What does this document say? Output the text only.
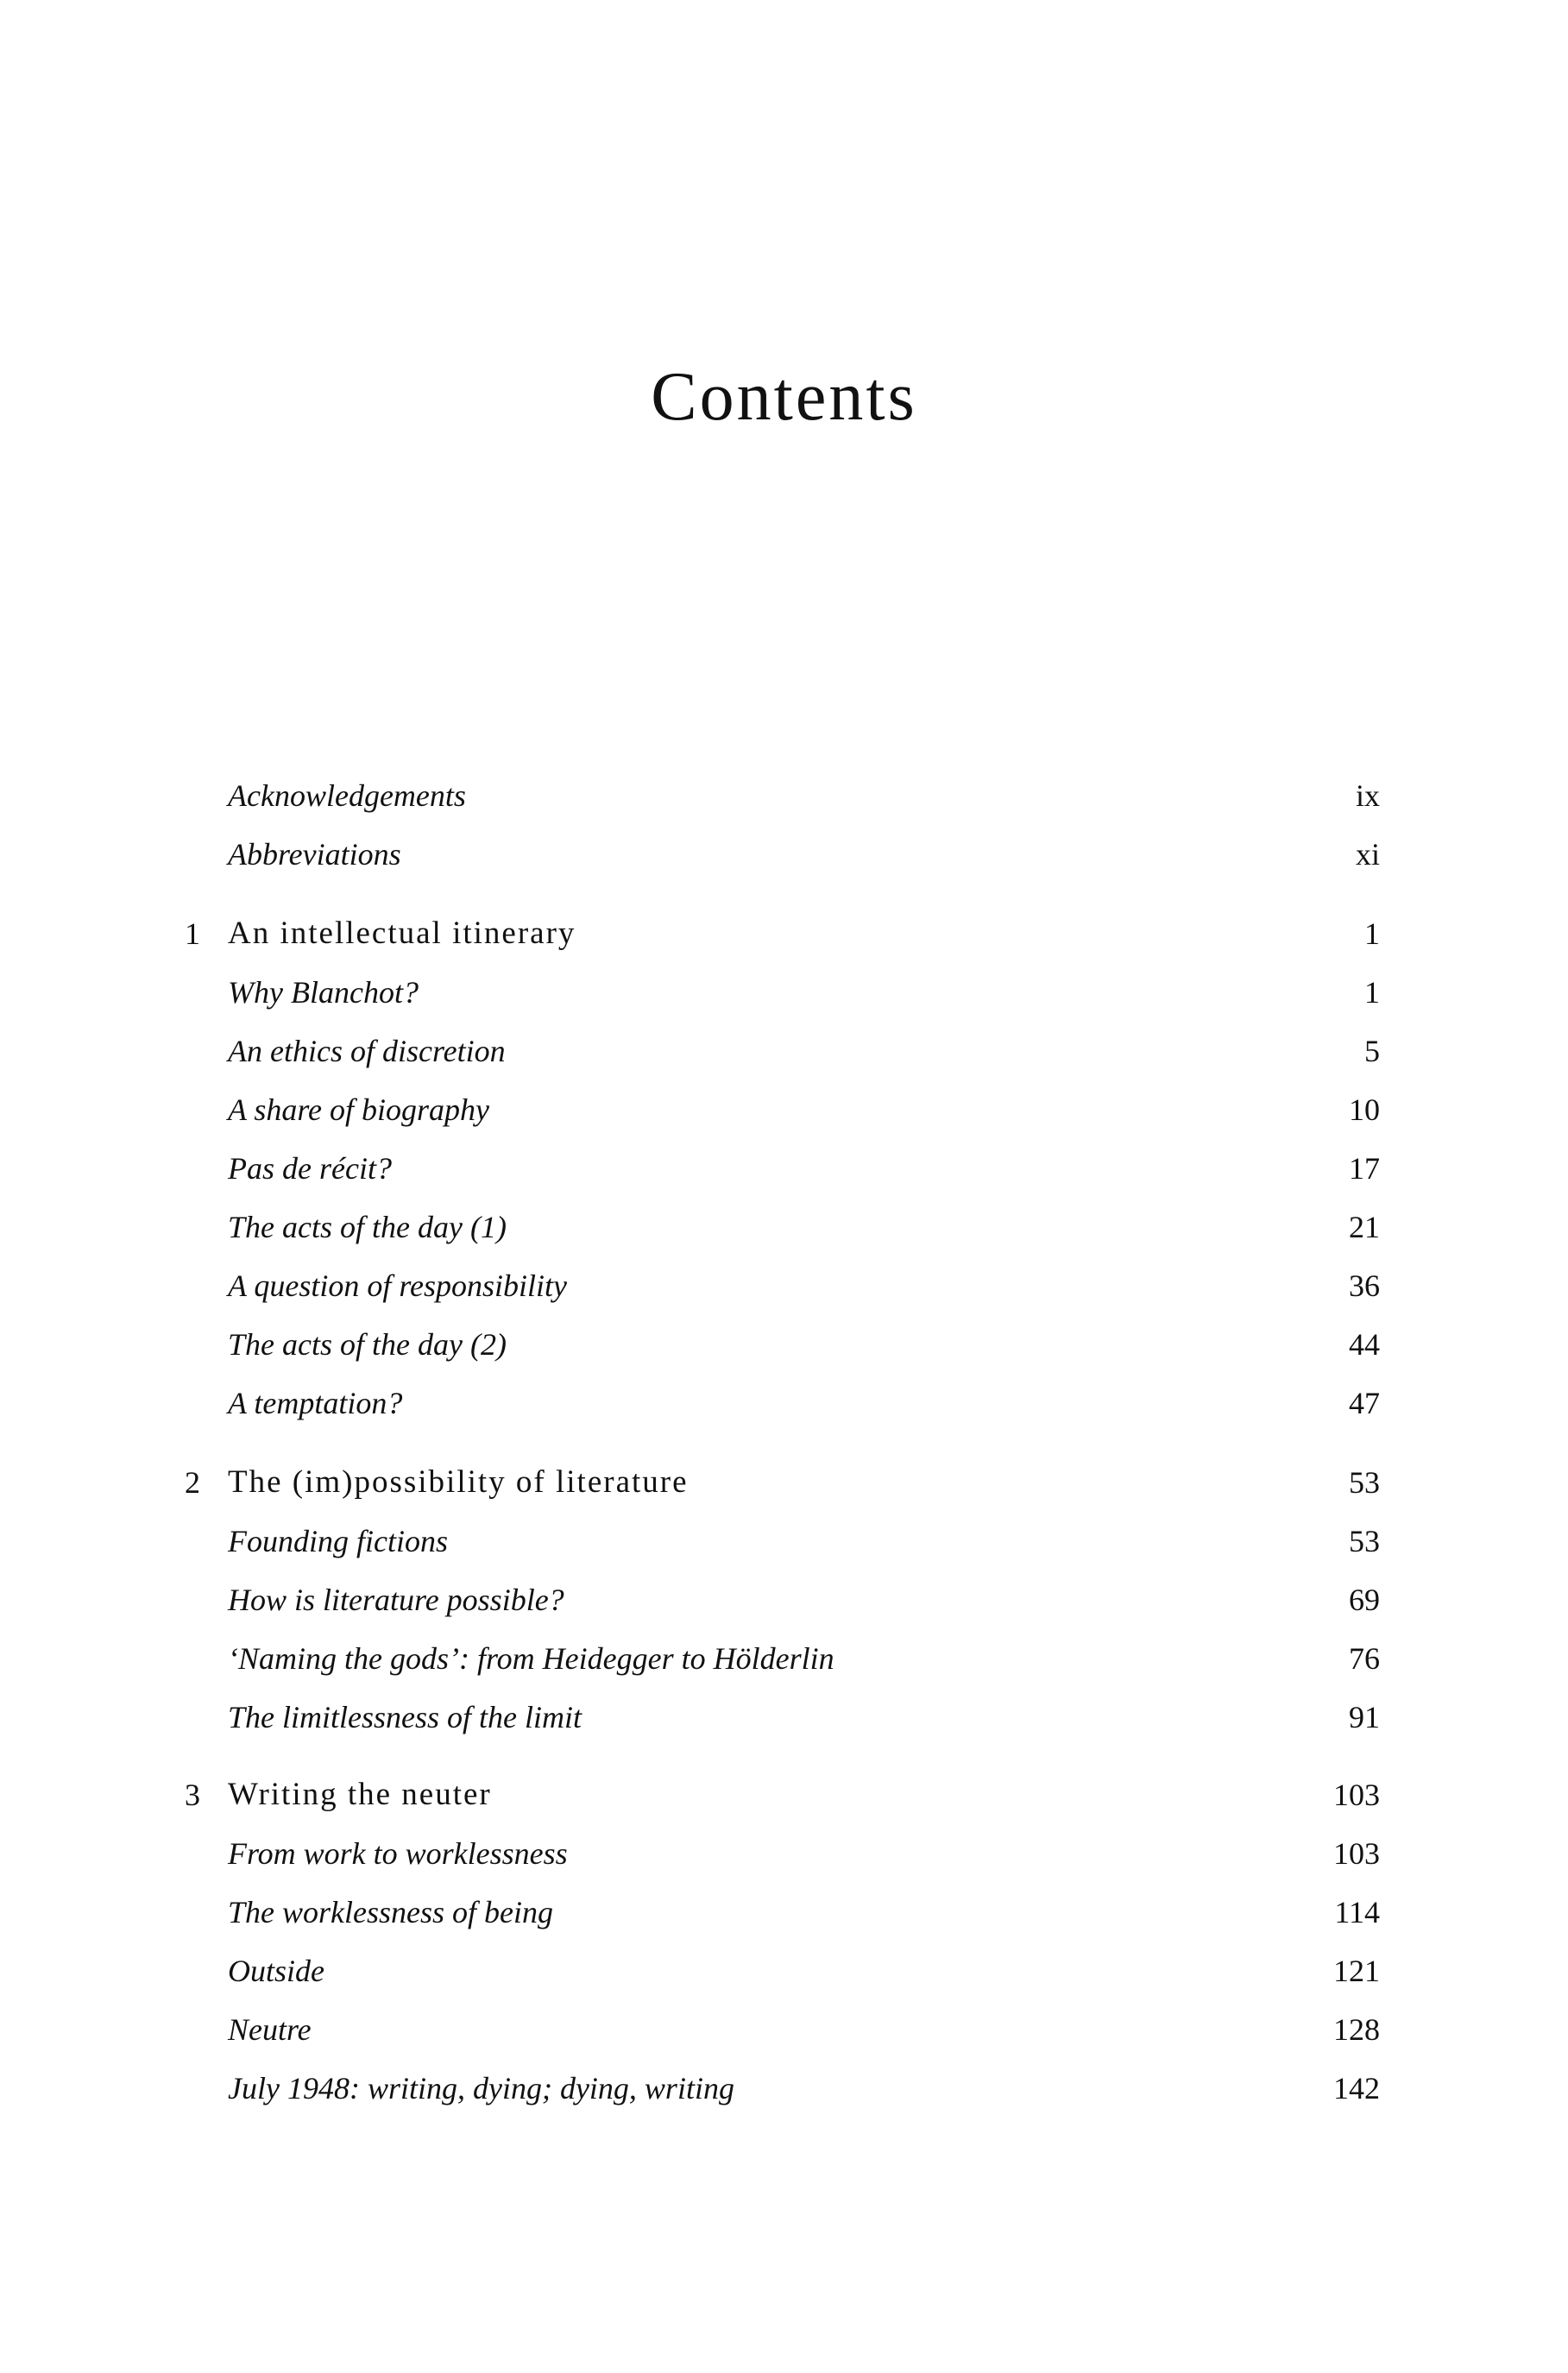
Contents
Acknowledgements	ix
Abbreviations	xi
1 An intellectual itinerary	1
Why Blanchot?	1
An ethics of discretion	5
A share of biography	10
Pas de récit?	17
The acts of the day (1)	21
A question of responsibility	36
The acts of the day (2)	44
A temptation?	47
2 The (im)possibility of literature	53
Founding fictions	53
How is literature possible?	69
‘Naming the gods’: from Heidegger to Hölderlin	76
The limitlessness of the limit	91
3 Writing the neuter	103
From work to worklessness	103
The worklessness of being	114
Outside	121
Neutre	128
July 1948: writing, dying; dying, writing	142
